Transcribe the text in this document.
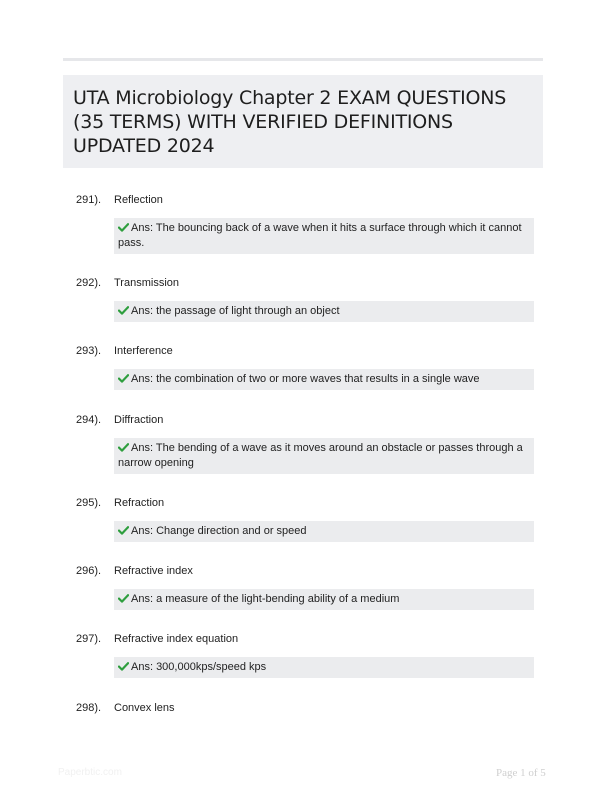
UTA Microbiology Chapter 2 EXAM QUESTIONS (35 TERMS) WITH VERIFIED DEFINITIONS UPDATED 2024
291). Reflection
Ans: The bouncing back of a wave when it hits a surface through which it cannot pass.
292). Transmission
Ans: the passage of light through an object
293). Interference
Ans: the combination of two or more waves that results in a single wave
294). Diffraction
Ans: The bending of a wave as it moves around an obstacle or passes through a narrow opening
295). Refraction
Ans: Change direction and or speed
296). Refractive index
Ans: a measure of the light-bending ability of a medium
297). Refractive index equation
Ans: 300,000kps/speed kps
298). Convex lens
Paperbtic.com	Page 1 of 5
